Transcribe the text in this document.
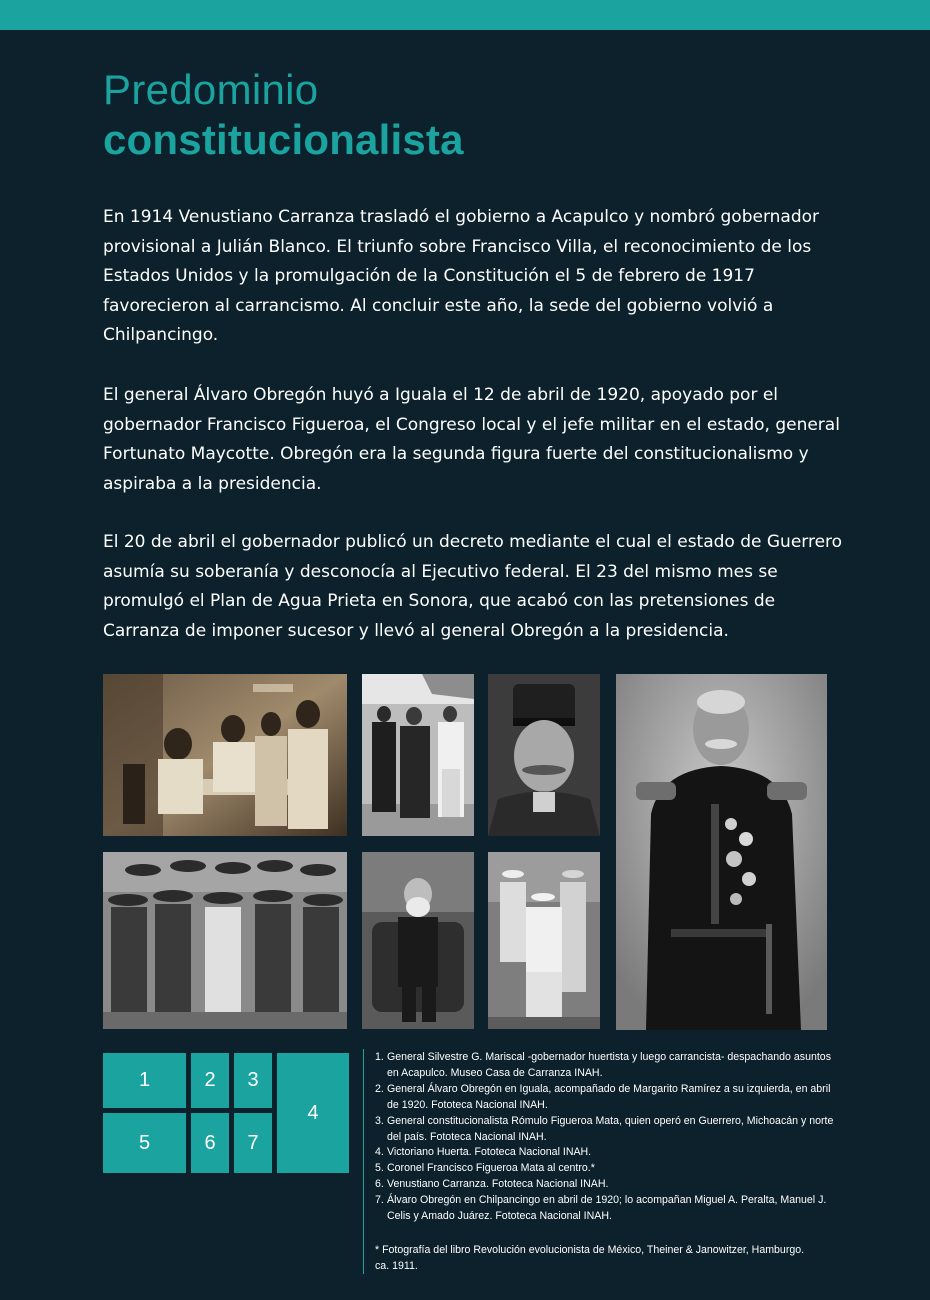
Predominio
constitucionalista

En 1914 Venustiano Carranza trasladó el gobierno a Acapulco y nombró gobernador provisional a Julián Blanco. El triunfo sobre Francisco Villa, el reconocimiento de los Estados Unidos y la promulgación de la Constitución el 5 de febrero de 1917 favorecieron al carrancismo. Al concluir este año, la sede del gobierno volvió a Chilpancingo.

El general Álvaro Obregón huyó a Iguala el 12 de abril de 1920, apoyado por el gobernador Francisco Figueroa, el Congreso local y el jefe militar en el estado, general Fortunato Maycotte. Obregón era la segunda figura fuerte del constitucionalismo y aspiraba a la presidencia.

El 20 de abril el gobernador publicó un decreto mediante el cual el estado de Guerrero asumía su soberanía y desconocía al Ejecutivo federal. El 23 del mismo mes se promulgó el Plan de Agua Prieta en Sonora, que acabó con las pretensiones de Carranza de imponer sucesor y llevó al general Obregón a la presidencia.

1	2	3
4
5	6	7
1. General Silvestre G. Mariscal -gobernador huertista y luego carrancista- despachando asuntos en Acapulco. Museo Casa de Carranza INAH.
2. General Álvaro Obregón en Iguala, acompañado de Margarito Ramírez a su izquierda, en abril de 1920. Fototeca Nacional INAH.
3. General constitucionalista Rómulo Figueroa Mata, quien operó en Guerrero, Michoacán y norte del país. Fototeca Nacional INAH.
4. Victoriano Huerta. Fototeca Nacional INAH.
5. Coronel Francisco Figueroa Mata al centro.*
6. Venustiano Carranza. Fototeca Nacional INAH.
7. Álvaro Obregón en Chilpancingo en abril de 1920; lo acompañan Miguel A. Peralta, Manuel J. Celis y Amado Juárez. Fototeca Nacional INAH.
* Fotografía del libro Revolución evolucionista de México, Theiner & Janowitzer, Hamburgo. ca. 1911.
